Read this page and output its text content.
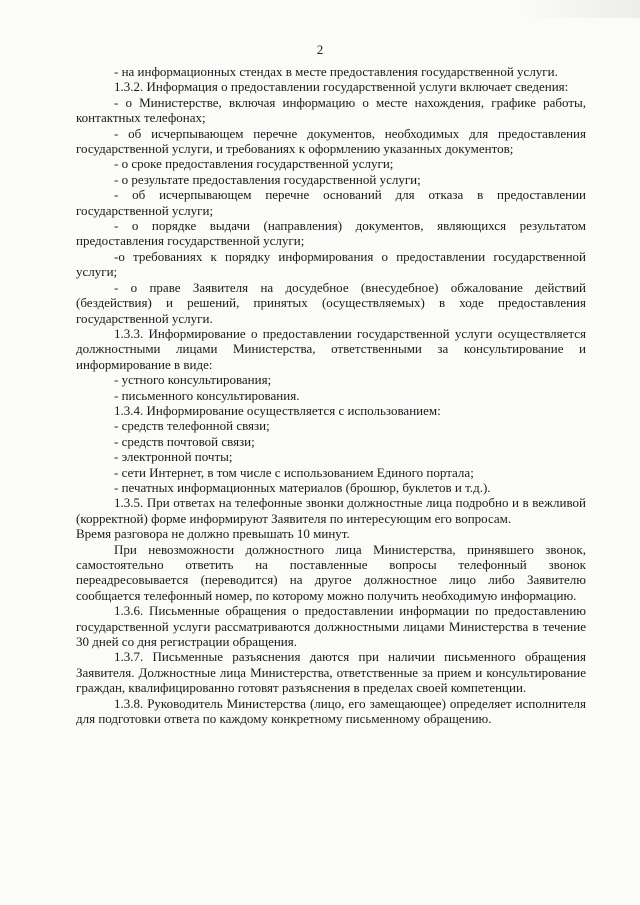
2

- на информационных стендах в месте предоставления государственной услуги.

1.3.2. Информация о предоставлении государственной услуги включает сведения:

- о Министерстве, включая информацию о месте нахождения, графике работы, контактных телефонах;

- об исчерпывающем перечне документов, необходимых для предоставления государственной услуги, и требованиях к оформлению указанных документов;

- о сроке предоставления государственной услуги;

- о результате предоставления государственной услуги;

- об исчерпывающем перечне оснований для отказа в предоставлении государственной услуги;

- о порядке выдачи (направления) документов, являющихся результатом предоставления государственной услуги;

-о требованиях к порядку информирования о предоставлении государственной услуги;

- о праве Заявителя на досудебное (внесудебное) обжалование действий (бездействия) и решений, принятых (осуществляемых) в ходе предоставления государственной услуги.

1.3.3. Информирование о предоставлении государственной услуги осуществляется должностными лицами Министерства, ответственными за консультирование и информирование в виде:

- устного консультирования;

- письменного консультирования.

1.3.4. Информирование осуществляется с использованием:

- средств телефонной связи;

- средств почтовой связи;

- электронной почты;

- сети Интернет, в том числе с использованием Единого портала;

- печатных информационных материалов (брошюр, буклетов и т.д.).

1.3.5. При ответах на телефонные звонки должностные лица подробно и в вежливой (корректной) форме информируют Заявителя по интересующим его вопросам.

Время разговора не должно превышать 10 минут.

При невозможности должностного лица Министерства, принявшего звонок, самостоятельно ответить на поставленные вопросы телефонный звонок переадресовывается (переводится) на другое должностное лицо либо Заявителю сообщается телефонный номер, по которому можно получить необходимую информацию.

1.3.6. Письменные обращения о предоставлении информации по предоставлению государственной услуги рассматриваются должностными лицами Министерства в течение 30 дней со дня регистрации обращения.

1.3.7. Письменные разъяснения даются при наличии письменного обращения Заявителя. Должностные лица Министерства, ответственные за прием и консультирование граждан, квалифицированно готовят разъяснения в пределах своей компетенции.

1.3.8. Руководитель Министерства (лицо, его замещающее) определяет исполнителя для подготовки ответа по каждому конкретному письменному обращению.
